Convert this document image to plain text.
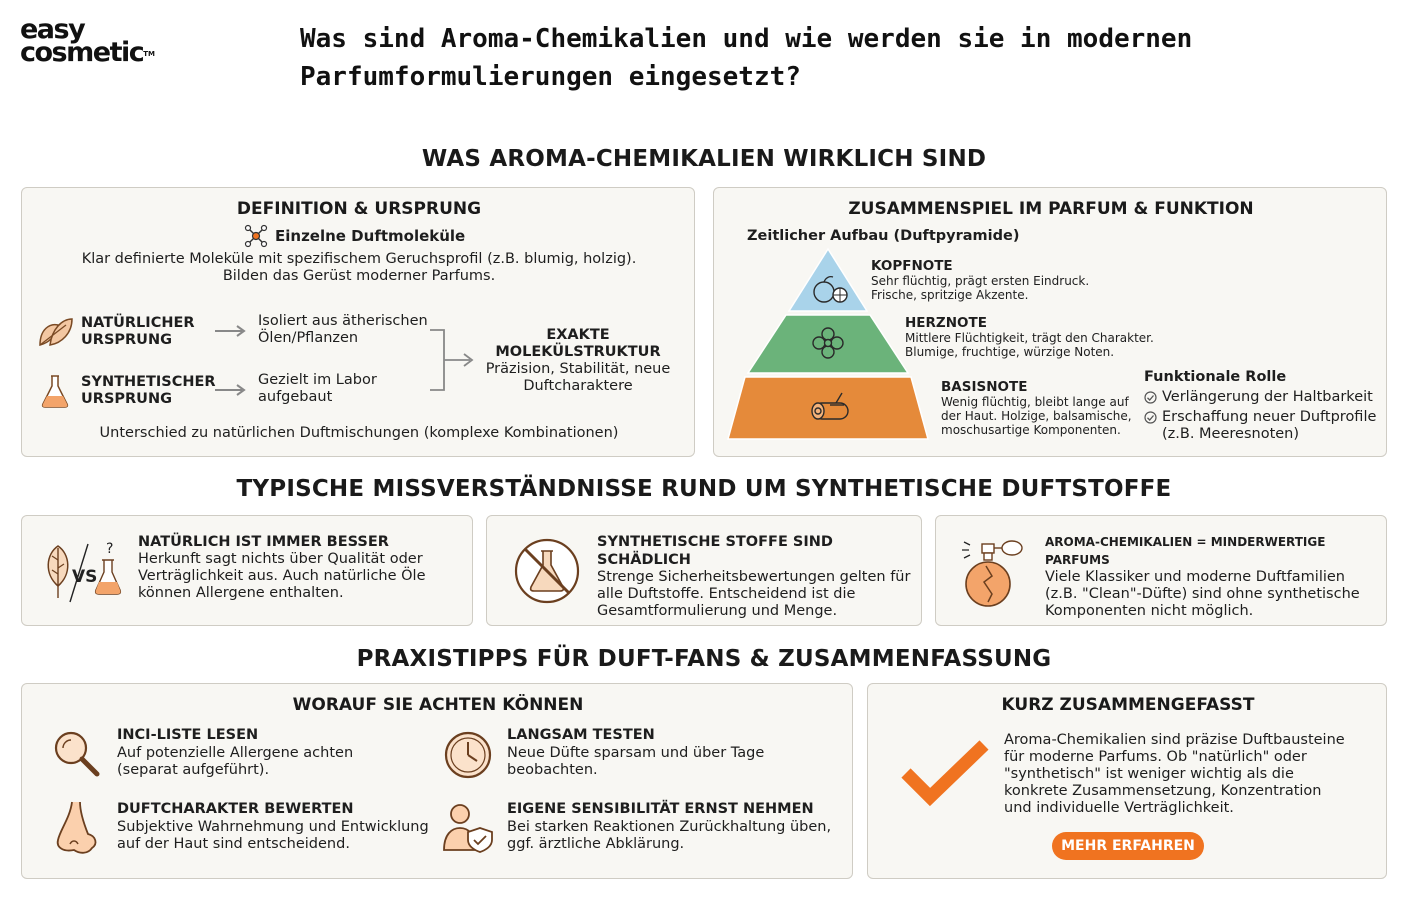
easy
cosmetic™	Was sind Aroma-Chemikalien und wie werden sie in modernen
Parfumformulierungen eingesetzt?
WAS AROMA-CHEMIKALIEN WIRKLICH SIND
DEFINITION & URSPRUNG
Einzelne Duftmoleküle
Klar definierte Moleküle mit spezifischem Geruchsprofil (z.B. blumig, holzig).
Bilden das Gerüst moderner Parfums.
NATÜRLICHER
URSPRUNG
Isoliert aus ätherischen
Ölen/Pflanzen
SYNTHETISCHER
URSPRUNG
Gezielt im Labor
aufgebaut
EXAKTE
MOLEKÜLSTRUKTUR
Präzision, Stabilität, neue
Duftcharaktere
Unterschied zu natürlichen Duftmischungen (komplexe Kombinationen)
ZUSAMMENSPIEL IM PARFUM & FUNKTION
Zeitlicher Aufbau (Duftpyramide)
KOPFNOTE
Sehr flüchtig, prägt ersten Eindruck.
Frische, spritzige Akzente.
HERZNOTE
Mittlere Flüchtigkeit, trägt den Charakter.
Blumige, fruchtige, würzige Noten.
BASISNOTE
Wenig flüchtig, bleibt lange auf
der Haut. Holzige, balsamische,
moschusartige Komponenten.
Funktionale Rolle
Verlängerung der Haltbarkeit
Erschaffung neuer Duftprofile
(z.B. Meeresnoten)
TYPISCHE MISSVERSTÄNDNISSE RUND UM SYNTHETISCHE DUFTSTOFFE
VS
? NATÜRLICH IST IMMER BESSER
Herkunft sagt nichts über Qualität oder
Verträglichkeit aus. Auch natürliche Öle
können Allergene enthalten.
SYNTHETISCHE STOFFE SIND SCHÄDLICH
Strenge Sicherheitsbewertungen gelten für
alle Duftstoffe. Entscheidend ist die
Gesamtformulierung und Menge.
AROMA-CHEMIKALIEN = MINDERWERTIGE PARFUMS
Viele Klassiker und moderne Duftfamilien
(z.B. "Clean"-Düfte) sind ohne synthetische
Komponenten nicht möglich.
PRAXISTIPPS FÜR DUFT-FANS & ZUSAMMENFASSUNG
WORAUF SIE ACHTEN KÖNNEN
INCI-LISTE LESEN
Auf potenzielle Allergene achten
(separat aufgeführt).
LANGSAM TESTEN
Neue Düfte sparsam und über Tage
beobachten.
DUFTCHARAKTER BEWERTEN
Subjektive Wahrnehmung und Entwicklung
auf der Haut sind entscheidend.
EIGENE SENSIBILITÄT ERNST NEHMEN
Bei starken Reaktionen Zurückhaltung üben,
ggf. ärztliche Abklärung.
KURZ ZUSAMMENGEFASST
Aroma-Chemikalien sind präzise Duftbausteine
für moderne Parfums. Ob "natürlich" oder
"synthetisch" ist weniger wichtig als die
konkrete Zusammensetzung, Konzentration
und individuelle Verträglichkeit.
MEHR ERFAHREN
